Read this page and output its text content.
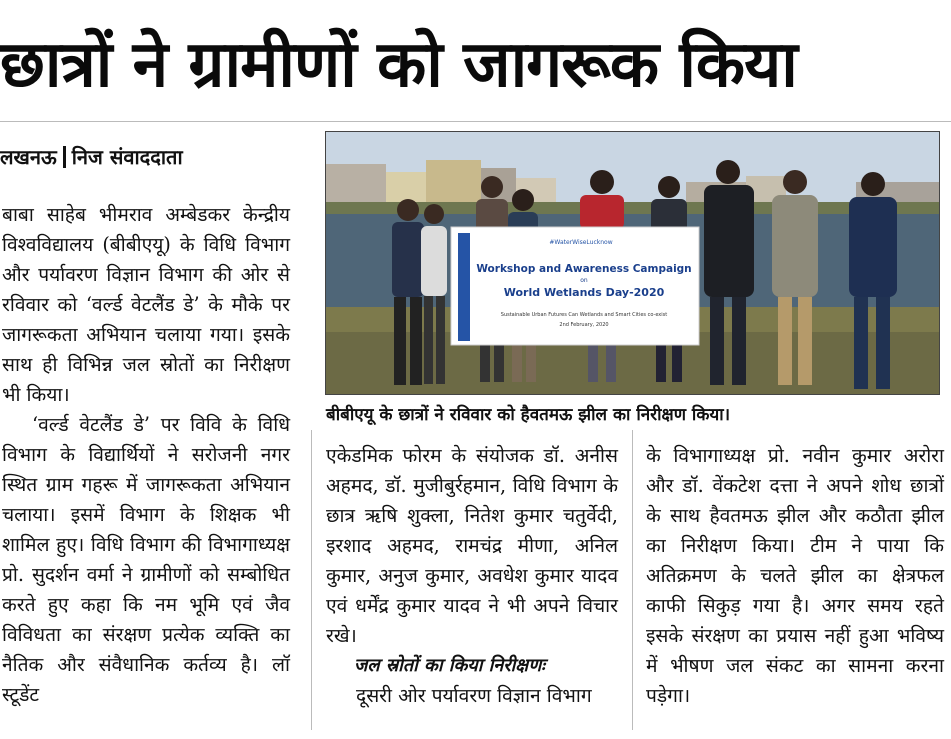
छात्रों ने ग्रामीणों को जागरूक किया
लखनऊ निज संवाददाता

बाबा साहेब भीमराव अम्बेडकर केन्द्रीय विश्वविद्यालय (बीबीएयू) के विधि विभाग और पर्यावरण विज्ञान विभाग की ओर से रविवार को ‘वर्ल्ड वेटलैंड डे’ के मौके पर जागरूकता अभियान चलाया गया। इसके साथ ही विभिन्न जल स्रोतों का निरीक्षण भी किया।

‘वर्ल्ड वेटलैंड डे’ पर विवि के विधि विभाग के विद्यार्थियों ने सरोजनी नगर स्थित ग्राम गहरू में जागरूकता अभियान चलाया। इसमें विभाग के शिक्षक भी शामिल हुए। विधि विभाग की विभागाध्यक्ष प्रो. सुदर्शन वर्मा ने ग्रामीणों को सम्बोधित करते हुए कहा कि नम भूमि एवं जैव विविधता का संरक्षण प्रत्येक व्यक्ति का नैतिक और संवैधानिक कर्तव्य है। लॉ स्टूडेंट

#WaterWiseLucknow
Workshop and Awareness Campaign
on
World Wetlands Day-2020
Sustainable Urban Futures Can Wetlands and Smart Cities co-exist
2nd February, 2020
बीबीएयू के छात्रों ने रविवार को हैवतमऊ झील का निरीक्षण किया।

एकेडमिक फोरम के संयोजक डॉ. अनीस अहमद, डॉ. मुजीबुर्रहमान, विधि विभाग के छात्र ऋषि शुक्ला, नितेश कुमार चतुर्वेदी, इरशाद अहमद, रामचंद्र मीणा, अनिल कुमार, अनुज कुमार, अवधेश कुमार यादव एवं धर्मेंद्र कुमार यादव ने भी अपने विचार रखे।

जल स्रोतों का किया निरीक्षणः

दूसरी ओर पर्यावरण विज्ञान विभाग

के विभागाध्यक्ष प्रो. नवीन कुमार अरोरा और डॉ. वेंकटेश दत्ता ने अपने शोध छात्रों के साथ हैवतमऊ झील और कठौता झील का निरीक्षण किया। टीम ने पाया कि अतिक्रमण के चलते झील का क्षेत्रफल काफी सिकुड़ गया है। अगर समय रहते इसके संरक्षण का प्रयास नहीं हुआ भविष्य में भीषण जल संकट का सामना करना पड़ेगा।
